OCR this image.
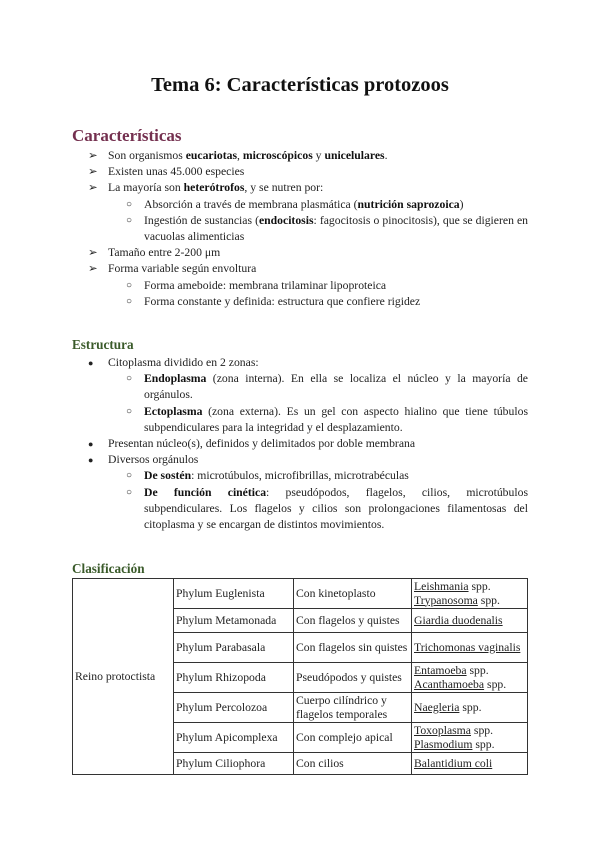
Tema 6: Características protozoos
Características
➢ Son organismos eucariotas, microscópicos y unicelulares.
➢ Existen unas 45.000 especies
➢ La mayoría son heterótrofos, y se nutren por:
○ Absorción a través de membrana plasmática (nutrición saprozoica)
○ Ingestión de sustancias (endocitosis: fagocitosis o pinocitosis), que se digieren en vacuolas alimenticias
➢ Tamaño entre 2-200 μm
➢ Forma variable según envoltura
○ Forma ameboide: membrana trilaminar lipoproteica
○ Forma constante y definida: estructura que confiere rigidez
Estructura
● Citoplasma dividido en 2 zonas:
○ Endoplasma (zona interna). En ella se localiza el núcleo y la mayoría de orgánulos.
○ Ectoplasma (zona externa). Es un gel con aspecto hialino que tiene túbulos subpendiculares para la integridad y el desplazamiento.
● Presentan núcleo(s), definidos y delimitados por doble membrana
● Diversos orgánulos
○ De sostén: microtúbulos, microfibrillas, microtrabéculas
○ De función cinética: pseudópodos, flagelos, cilios, microtúbulos subpendiculares. Los flagelos y cilios son prolongaciones filamentosas del citoplasma y se encargan de distintos movimientos.
Clasificación
Reino protoctista	Phylum Euglenista	Con kinetoplasto	Leishmania spp.
Trypanosoma spp.
	Phylum Metamonada	Con flagelos y quistes	Giardia duodenalis
	Phylum Parabasala	Con flagelos sin quistes	Trichomonas vaginalis
	Phylum Rhizopoda	Pseudópodos y quistes	Entamoeba spp.
Acanthamoeba spp.
	Phylum Percolozoa	Cuerpo cilíndrico y flagelos temporales	Naegleria spp.
	Phylum Apicomplexa	Con complejo apical	Toxoplasma spp.
Plasmodium spp.
	Phylum Ciliophora	Con cilios	Balantidium coli
